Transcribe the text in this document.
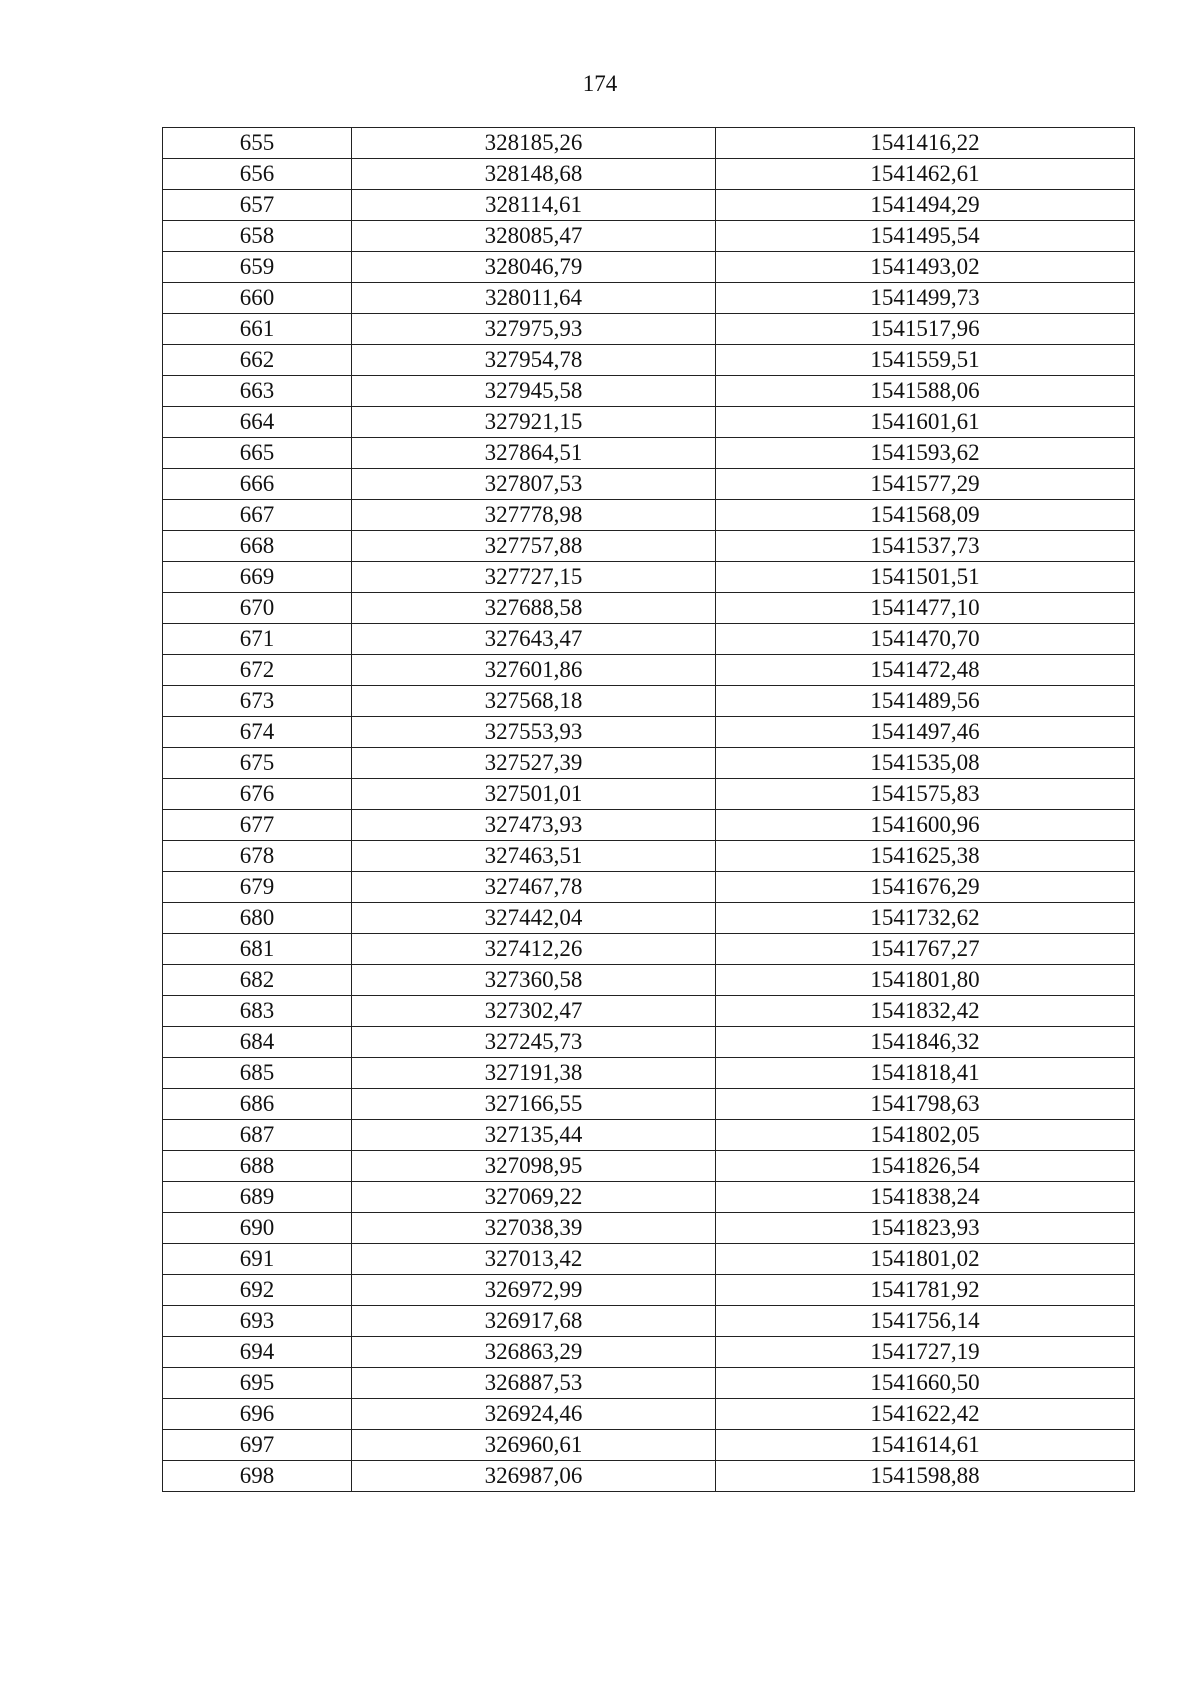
174
655	328185,26	1541416,22
656	328148,68	1541462,61
657	328114,61	1541494,29
658	328085,47	1541495,54
659	328046,79	1541493,02
660	328011,64	1541499,73
661	327975,93	1541517,96
662	327954,78	1541559,51
663	327945,58	1541588,06
664	327921,15	1541601,61
665	327864,51	1541593,62
666	327807,53	1541577,29
667	327778,98	1541568,09
668	327757,88	1541537,73
669	327727,15	1541501,51
670	327688,58	1541477,10
671	327643,47	1541470,70
672	327601,86	1541472,48
673	327568,18	1541489,56
674	327553,93	1541497,46
675	327527,39	1541535,08
676	327501,01	1541575,83
677	327473,93	1541600,96
678	327463,51	1541625,38
679	327467,78	1541676,29
680	327442,04	1541732,62
681	327412,26	1541767,27
682	327360,58	1541801,80
683	327302,47	1541832,42
684	327245,73	1541846,32
685	327191,38	1541818,41
686	327166,55	1541798,63
687	327135,44	1541802,05
688	327098,95	1541826,54
689	327069,22	1541838,24
690	327038,39	1541823,93
691	327013,42	1541801,02
692	326972,99	1541781,92
693	326917,68	1541756,14
694	326863,29	1541727,19
695	326887,53	1541660,50
696	326924,46	1541622,42
697	326960,61	1541614,61
698	326987,06	1541598,88
